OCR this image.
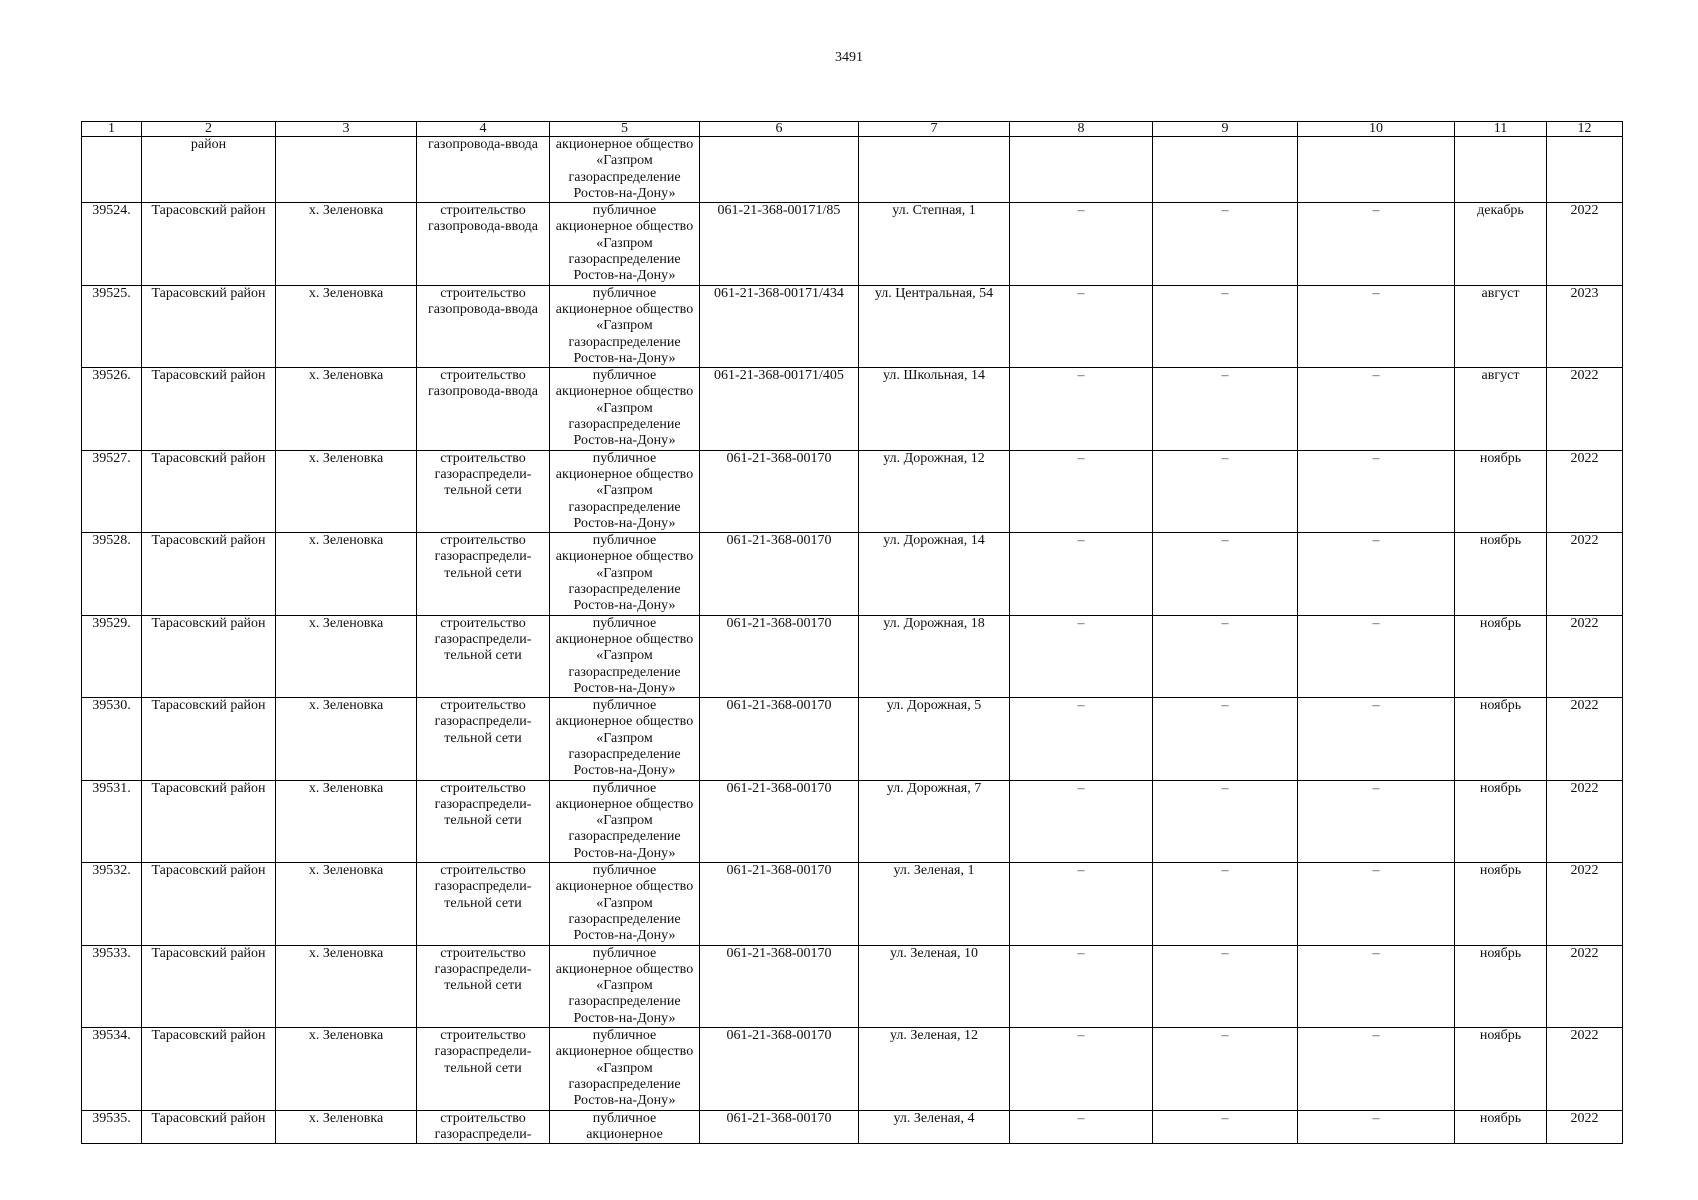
3491
1	2	3	4	5	6	7	8	9	10	11	12
	район		газопровода-ввода	акционерное общество «Газпром газораспределение Ростов-на-Дону»							
39524.	Тарасовский район	х. Зеленовка	строительство газопровода-ввода	публичное акционерное общество «Газпром газораспределение Ростов-на-Дону»	061-21-368-00171/85	ул. Степная, 1	–	–	–	декабрь	2022
39525.	Тарасовский район	х. Зеленовка	строительство газопровода-ввода	публичное акционерное общество «Газпром газораспределение Ростов-на-Дону»	061-21-368-00171/434	ул. Центральная, 54	–	–	–	август	2023
39526.	Тарасовский район	х. Зеленовка	строительство газопровода-ввода	публичное акционерное общество «Газпром газораспределение Ростов-на-Дону»	061-21-368-00171/405	ул. Школьная, 14	–	–	–	август	2022
39527.	Тарасовский район	х. Зеленовка	строительство газораспредели-тельной сети	публичное акционерное общество «Газпром газораспределение Ростов-на-Дону»	061-21-368-00170	ул. Дорожная, 12	–	–	–	ноябрь	2022
39528.	Тарасовский район	х. Зеленовка	строительство газораспредели-тельной сети	публичное акционерное общество «Газпром газораспределение Ростов-на-Дону»	061-21-368-00170	ул. Дорожная, 14	–	–	–	ноябрь	2022
39529.	Тарасовский район	х. Зеленовка	строительство газораспредели-тельной сети	публичное акционерное общество «Газпром газораспределение Ростов-на-Дону»	061-21-368-00170	ул. Дорожная, 18	–	–	–	ноябрь	2022
39530.	Тарасовский район	х. Зеленовка	строительство газораспредели-тельной сети	публичное акционерное общество «Газпром газораспределение Ростов-на-Дону»	061-21-368-00170	ул. Дорожная, 5	–	–	–	ноябрь	2022
39531.	Тарасовский район	х. Зеленовка	строительство газораспредели-тельной сети	публичное акционерное общество «Газпром газораспределение Ростов-на-Дону»	061-21-368-00170	ул. Дорожная, 7	–	–	–	ноябрь	2022
39532.	Тарасовский район	х. Зеленовка	строительство газораспредели-тельной сети	публичное акционерное общество «Газпром газораспределение Ростов-на-Дону»	061-21-368-00170	ул. Зеленая, 1	–	–	–	ноябрь	2022
39533.	Тарасовский район	х. Зеленовка	строительство газораспредели-тельной сети	публичное акционерное общество «Газпром газораспределение Ростов-на-Дону»	061-21-368-00170	ул. Зеленая, 10	–	–	–	ноябрь	2022
39534.	Тарасовский район	х. Зеленовка	строительство газораспредели-тельной сети	публичное акционерное общество «Газпром газораспределение Ростов-на-Дону»	061-21-368-00170	ул. Зеленая, 12	–	–	–	ноябрь	2022
39535.	Тарасовский район	х. Зеленовка	строительство газораспредели-	публичное акционерное	061-21-368-00170	ул. Зеленая, 4	–	–	–	ноябрь	2022
